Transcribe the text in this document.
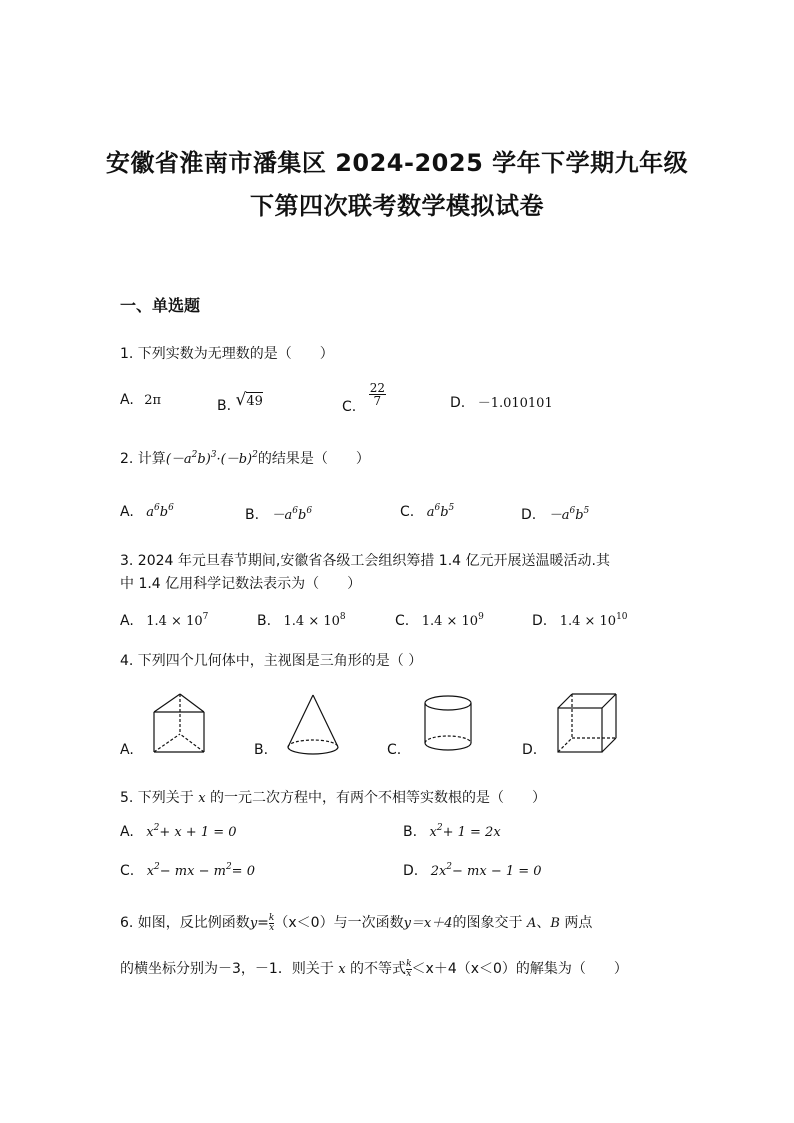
安徽省淮南市潘集区 2024-2025 学年下学期九年级
下第四次联考数学模拟试卷
一、单选题
1. 下列实数为无理数的是（　　）
A. 2π	B. √49	C. $\frac{22}{7}$	D. －1.010101
2. 计算$(-a^2b)^3\cdot(-b)^2$的结果是（　　）
A. $a^6b^6$	B. $-a^6b^6$	C. $a^6b^5$	D. $-a^6b^5$
3. 2024 年元旦春节期间,安徽省各级工会组织筹措 1.4 亿元开展送温暖活动.其
中 1.4 亿用科学记数法表示为（　　）
A. $1.4 \times 10^7$	B. $1.4 \times 10^8$	C. $1.4 \times 10^9$	D. $1.4 \times 10^{10}$
4. 下列四个几何体中，主视图是三角形的是（ ）
A.	B.	C.	D.
5. 下列关于 x 的一元二次方程中，有两个不相等实数根的是（　　）
A. $x^2+ x + 1 = 0$	B. $x^2+ 1 = 2x$
C. $x^2-$ mx − $m^2= 0$	D. $2x^2-$ mx − 1 = 0
6. 如图，反比例函数$y= \frac{k}{x} (x<0)$与一次函数y＝x＋4的图象交于 A、B 两点
的横坐标分别为－3，－1．则关于 x 的不等式 $\frac{k}{x} <x+4(x<0)$的解集为（　　）
